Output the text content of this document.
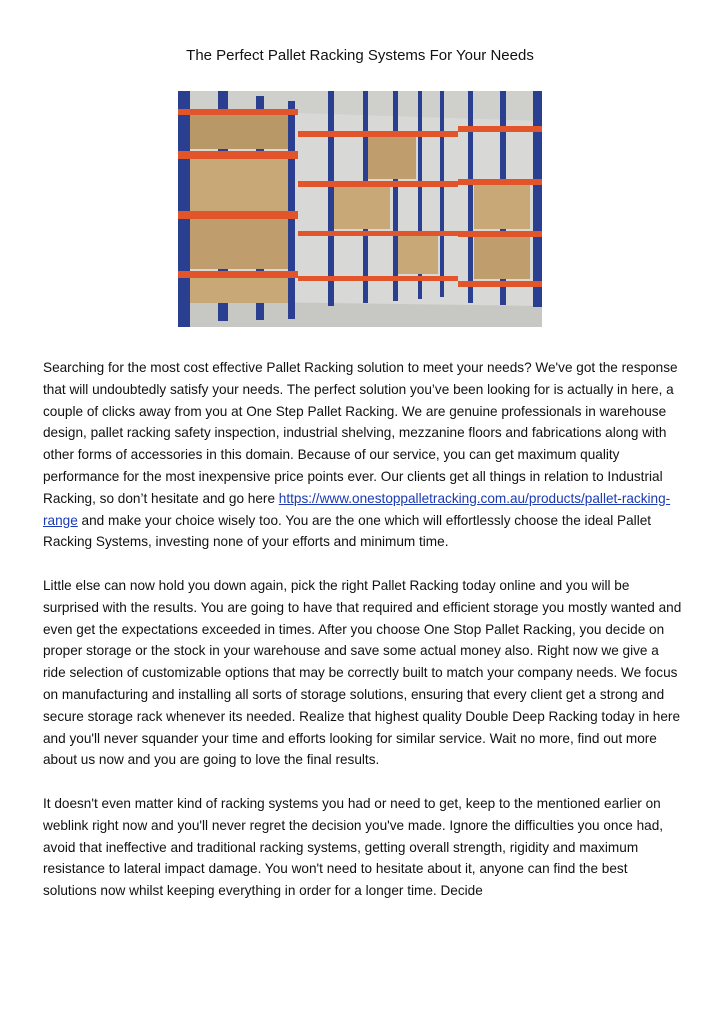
The Perfect Pallet Racking Systems For Your Needs

Searching for the most cost effective Pallet Racking solution to meet your needs? We've got the response that will undoubtedly satisfy your needs. The perfect solution you’ve been looking for is actually in here, a couple of clicks away from you at One Step Pallet Racking. We are genuine professionals in warehouse design, pallet racking safety inspection, industrial shelving, mezzanine floors and fabrications along with other forms of accessories in this domain. Because of our service, you can get maximum quality performance for the most inexpensive price points ever. Our clients get all things in relation to Industrial Racking, so don’t hesitate and go here https://www.onestoppalletracking.com.au/products/pallet-racking-range and make your choice wisely too. You are the one which will effortlessly choose the ideal Pallet Racking Systems, investing none of your efforts and minimum time.

Little else can now hold you down again, pick the right Pallet Racking today online and you will be surprised with the results. You are going to have that required and efficient storage you mostly wanted and even get the expectations exceeded in times. After you choose One Stop Pallet Racking, you decide on proper storage or the stock in your warehouse and save some actual money also. Right now we give a ride selection of customizable options that may be correctly built to match your company needs. We focus on manufacturing and installing all sorts of storage solutions, ensuring that every client get a strong and secure storage rack whenever its needed. Realize that highest quality Double Deep Racking today in here and you'll never squander your time and efforts looking for similar service. Wait no more, find out more about us now and you are going to love the final results.

It doesn't even matter kind of racking systems you had or need to get, keep to the mentioned earlier on weblink right now and you'll never regret the decision you've made. Ignore the difficulties you once had, avoid that ineffective and traditional racking systems, getting overall strength, rigidity and maximum resistance to lateral impact damage. You won't need to hesitate about it, anyone can find the best solutions now whilst keeping everything in order for a longer time. Decide
